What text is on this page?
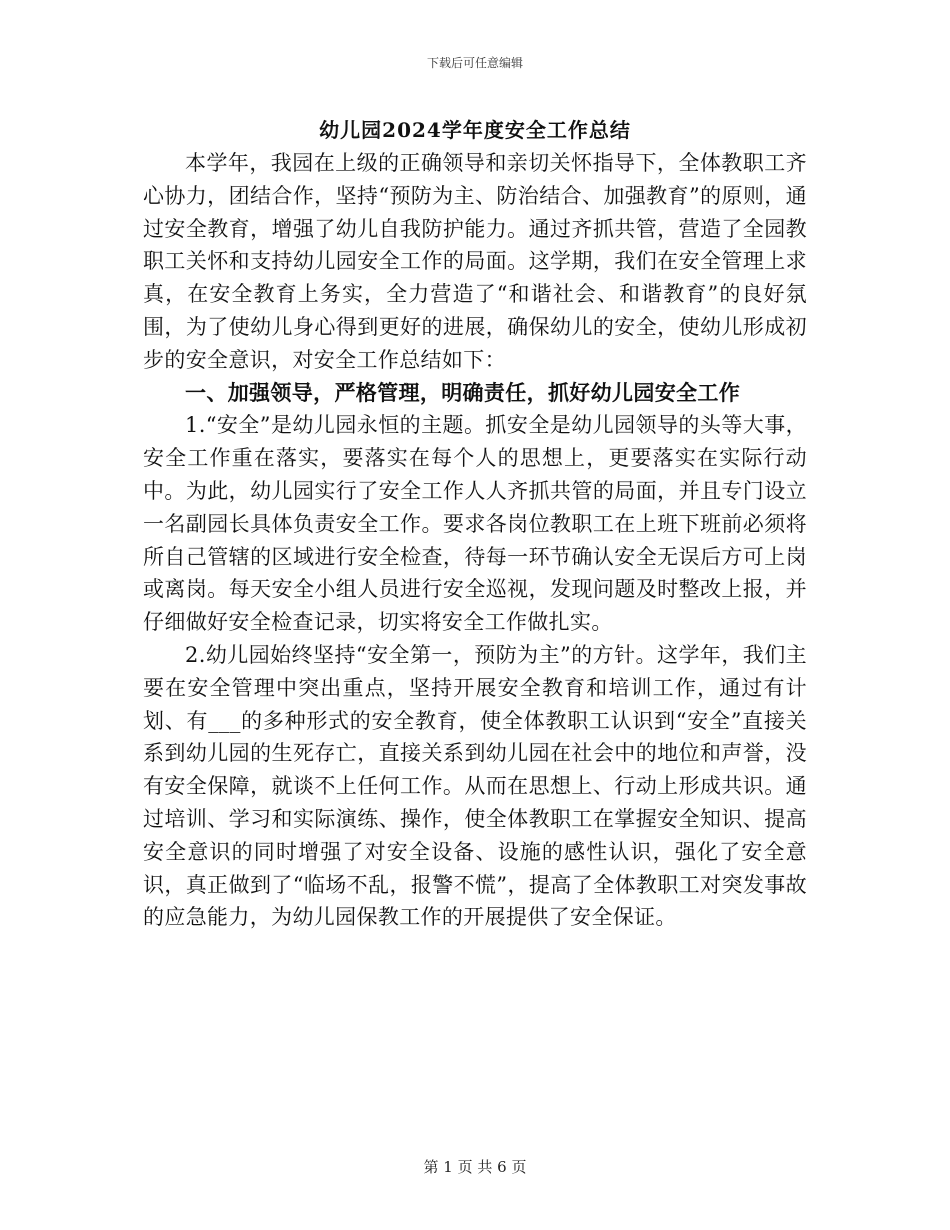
下载后可任意编辑
幼儿园2024学年度安全工作总结

本学年，我园在上级的正确领导和亲切关怀指导下，全体教职工齐心协力，团结合作，坚持“预防为主、防治结合、加强教育”的原则，通过安全教育，增强了幼儿自我防护能力。通过齐抓共管，营造了全园教职工关怀和支持幼儿园安全工作的局面。这学期，我们在安全管理上求真，在安全教育上务实，全力营造了“和谐社会、和谐教育”的良好氛围，为了使幼儿身心得到更好的进展，确保幼儿的安全，使幼儿形成初步的安全意识，对安全工作总结如下：

一、加强领导，严格管理，明确责任，抓好幼儿园安全工作

1.“安全”是幼儿园永恒的主题。抓安全是幼儿园领导的头等大事，安全工作重在落实，要落实在每个人的思想上，更要落实在实际行动中。为此，幼儿园实行了安全工作人人齐抓共管的局面，并且专门设立一名副园长具体负责安全工作。要求各岗位教职工在上班下班前必须将所自己管辖的区域进行安全检查，待每一环节确认安全无误后方可上岗或离岗。每天安全小组人员进行安全巡视，发现问题及时整改上报，并仔细做好安全检查记录，切实将安全工作做扎实。

2.幼儿园始终坚持“安全第一，预防为主”的方针。这学年，我们主要在安全管理中突出重点，坚持开展安全教育和培训工作，通过有计划、有___的多种形式的安全教育，使全体教职工认识到“安全”直接关系到幼儿园的生死存亡，直接关系到幼儿园在社会中的地位和声誉，没有安全保障，就谈不上任何工作。从而在思想上、行动上形成共识。通过培训、学习和实际演练、操作，使全体教职工在掌握安全知识、提高安全意识的同时增强了对安全设备、设施的感性认识，强化了安全意识，真正做到了“临场不乱，报警不慌”，提高了全体教职工对突发事故的应急能力，为幼儿园保教工作的开展提供了安全保证。

第 1 页 共 6 页
